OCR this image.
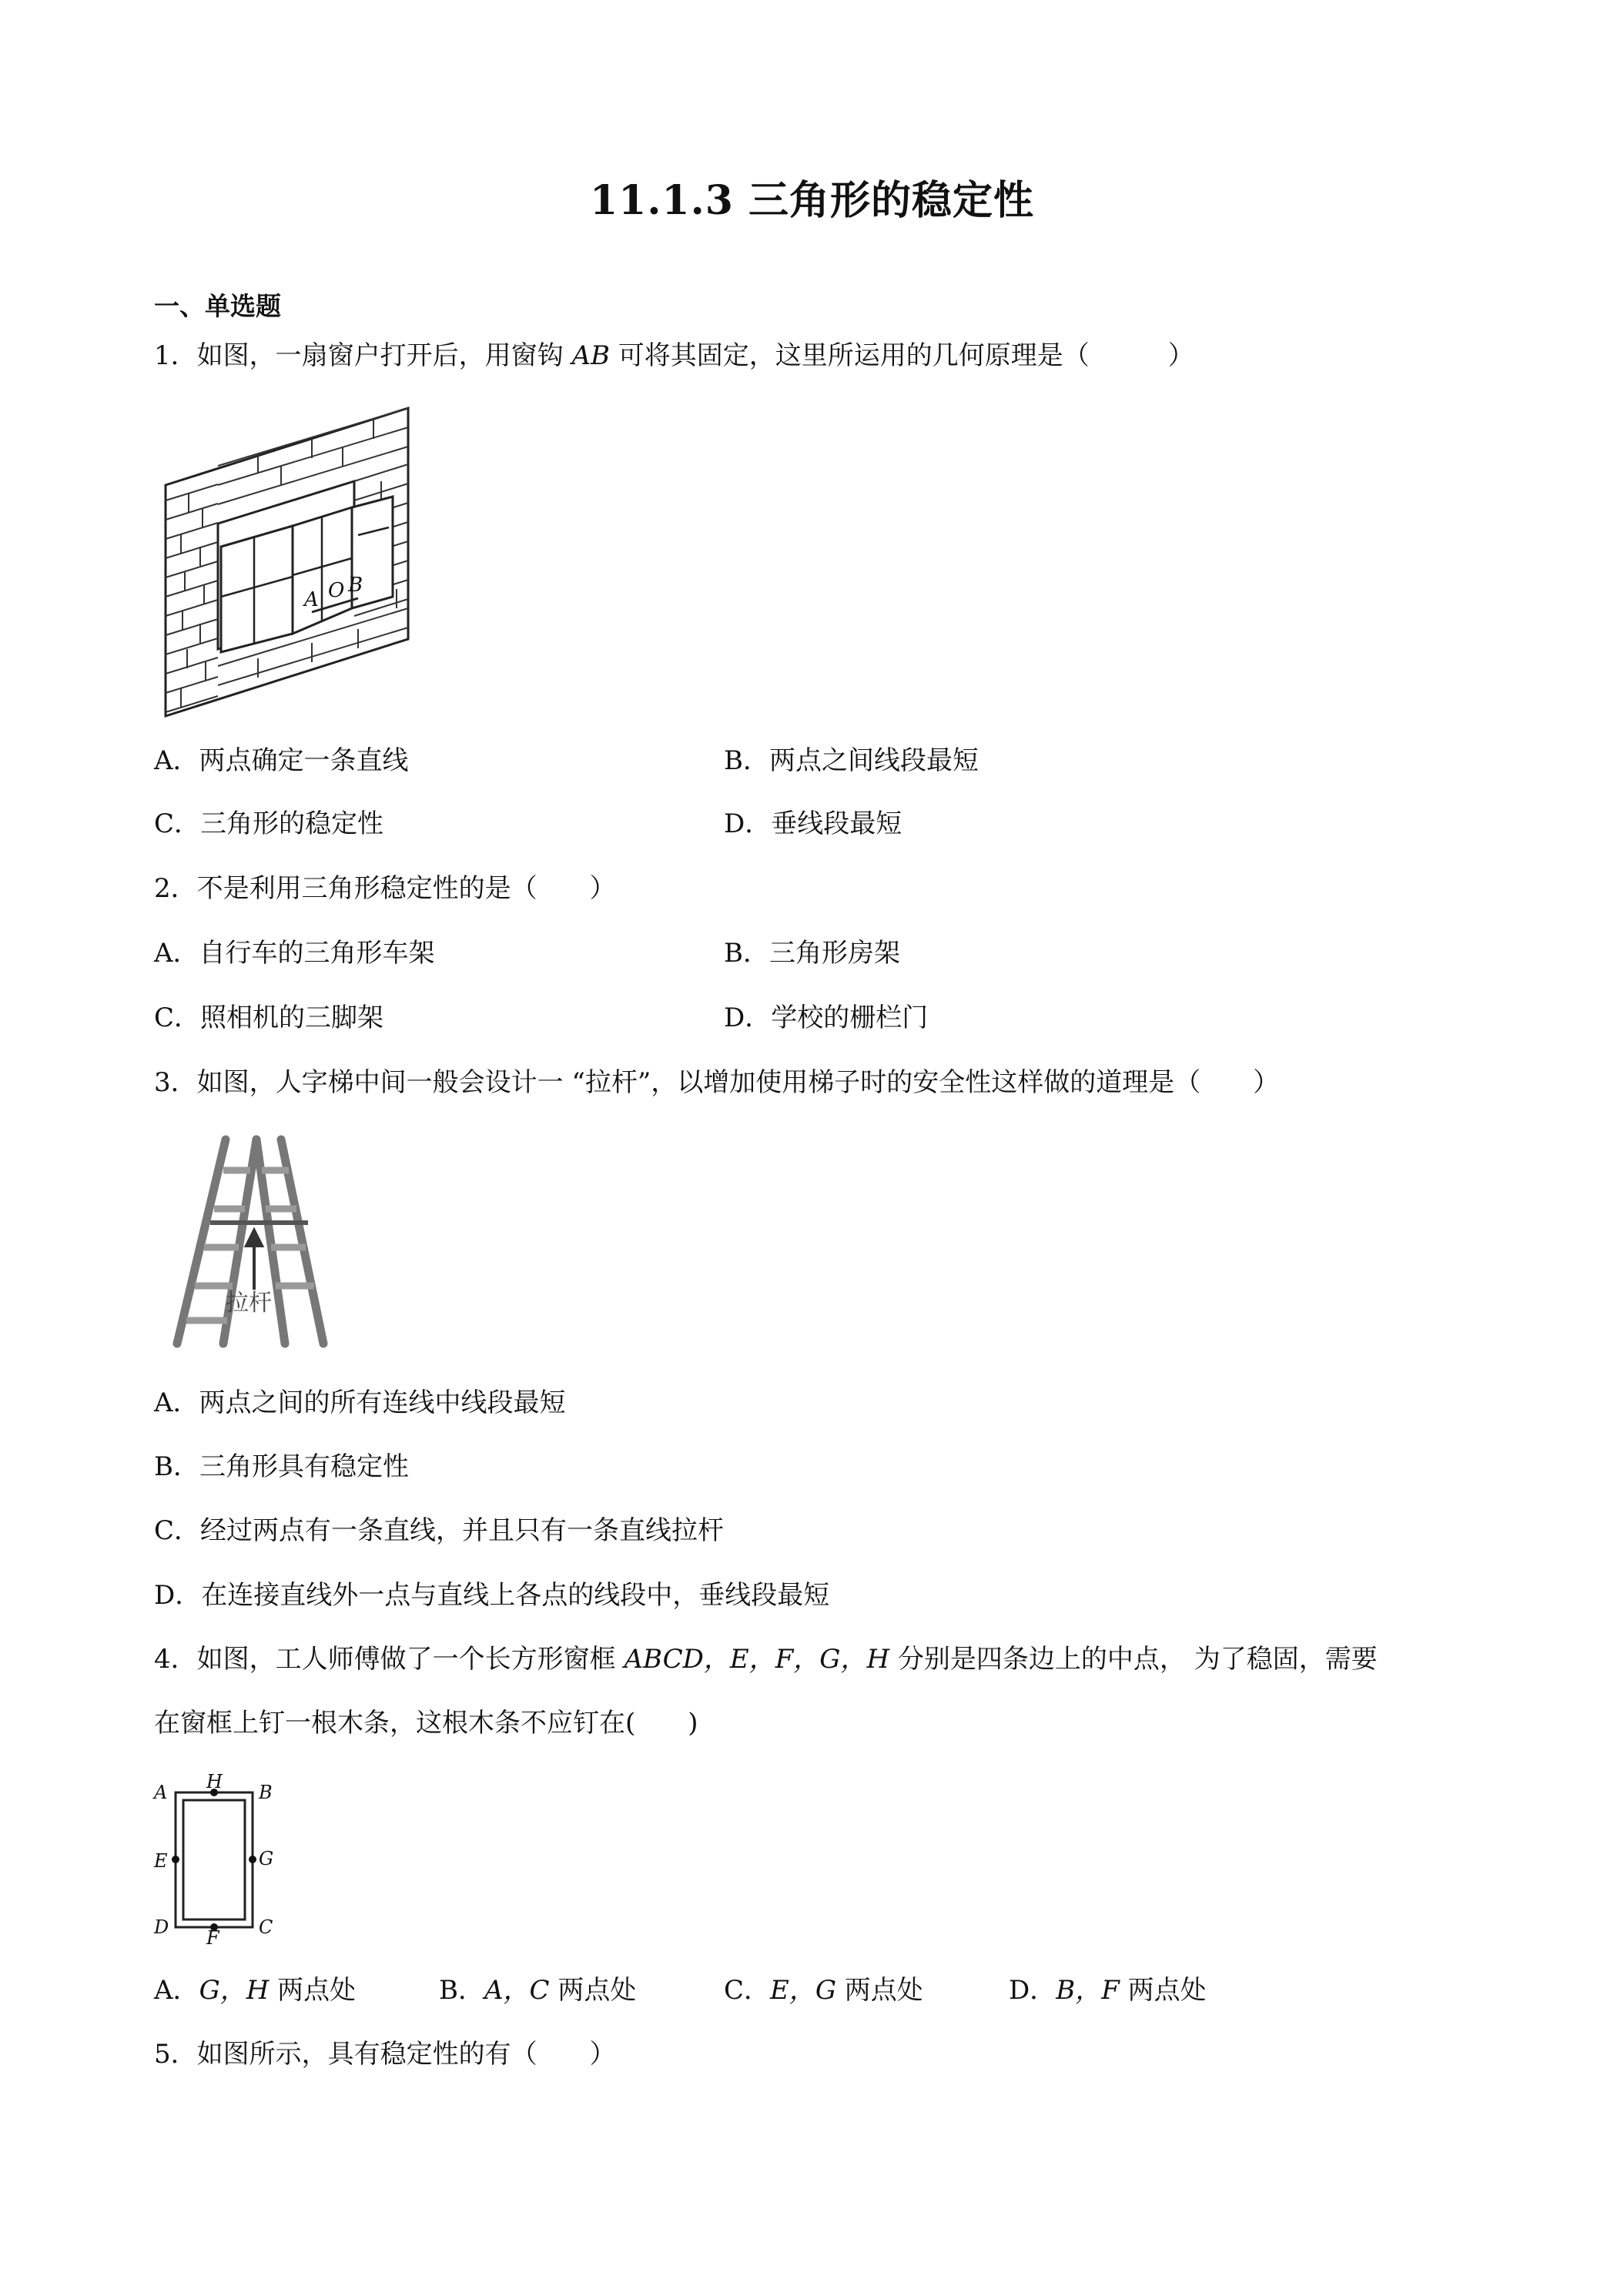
11.1.3 三角形的稳定性
一、单选题
1．如图，一扇窗户打开后，用窗钩 AB 可将其固定，这里所运用的几何原理是（　　　）
A O B
A．两点确定一条直线	B．两点之间线段最短
C．三角形的稳定性	D．垂线段最短
2．不是利用三角形稳定性的是（　　）
A．自行车的三角形车架	B．三角形房架
C．照相机的三脚架	D．学校的栅栏门
3．如图，人字梯中间一般会设计一 “拉杆”，以增加使用梯子时的安全性这样做的道理是（　　）
拉杆
A．两点之间的所有连线中线段最短
B．三角形具有稳定性
C．经过两点有一条直线，并且只有一条直线拉杆
D．在连接直线外一点与直线上各点的线段中，垂线段最短
4．如图，工人师傅做了一个长方形窗框 ABCD，E，F，G，H 分别是四条边上的中点， 为了稳固，需要
在窗框上钉一根木条，这根木条不应钉在(　　)
A H B
E	G
D	C
F
A．G，H 两点处	B．A，C 两点处	C．E，G 两点处	D．B，F 两点处
5．如图所示，具有稳定性的有（　　）
